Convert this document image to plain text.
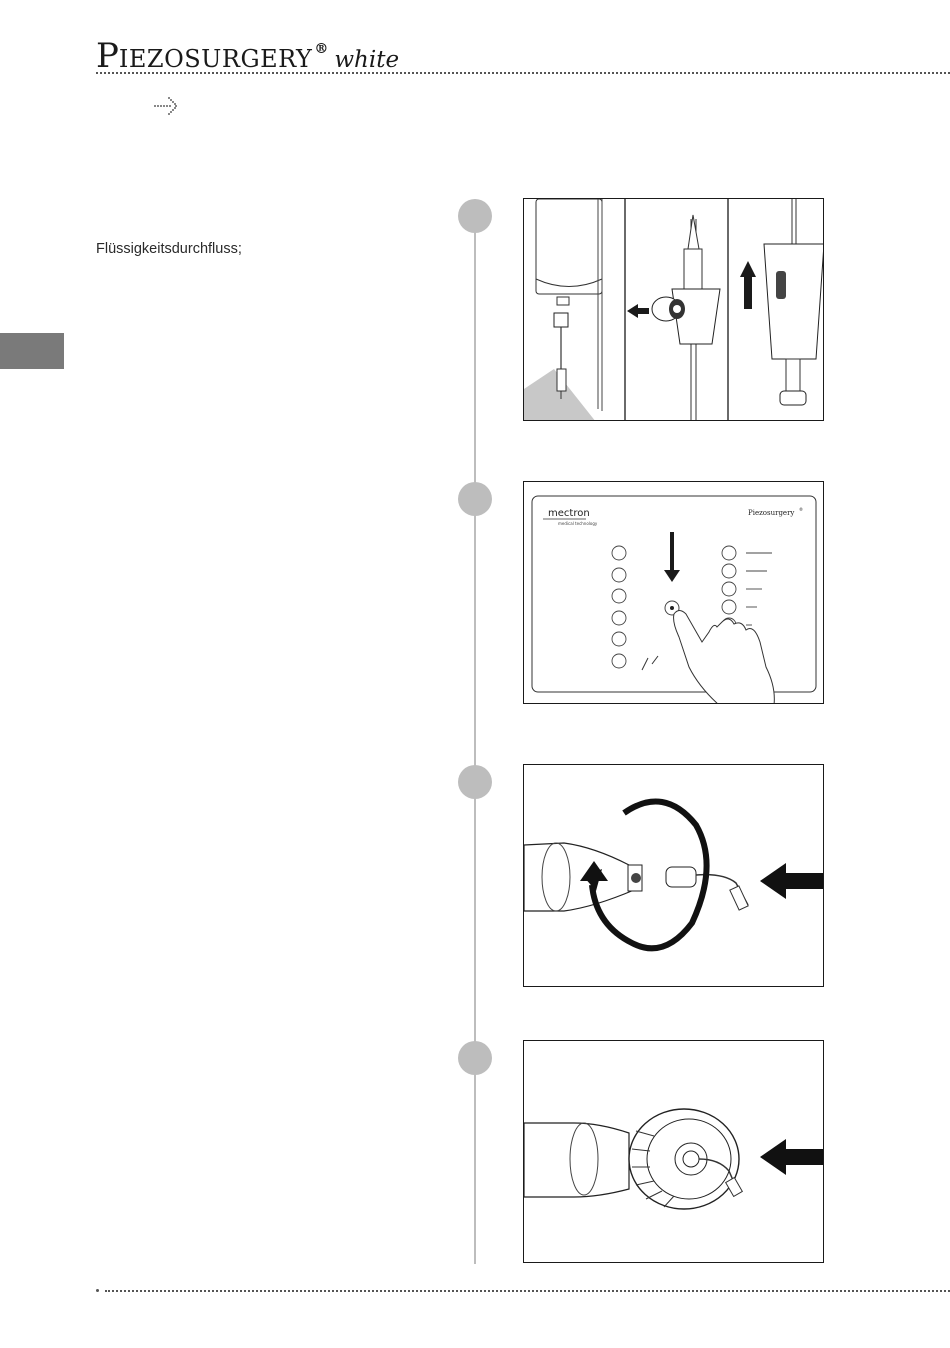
P IEZOSURGERY ® white
Flüssigkeitsdurchfluss;
mectron
medical technology
Piezosurgery ®
